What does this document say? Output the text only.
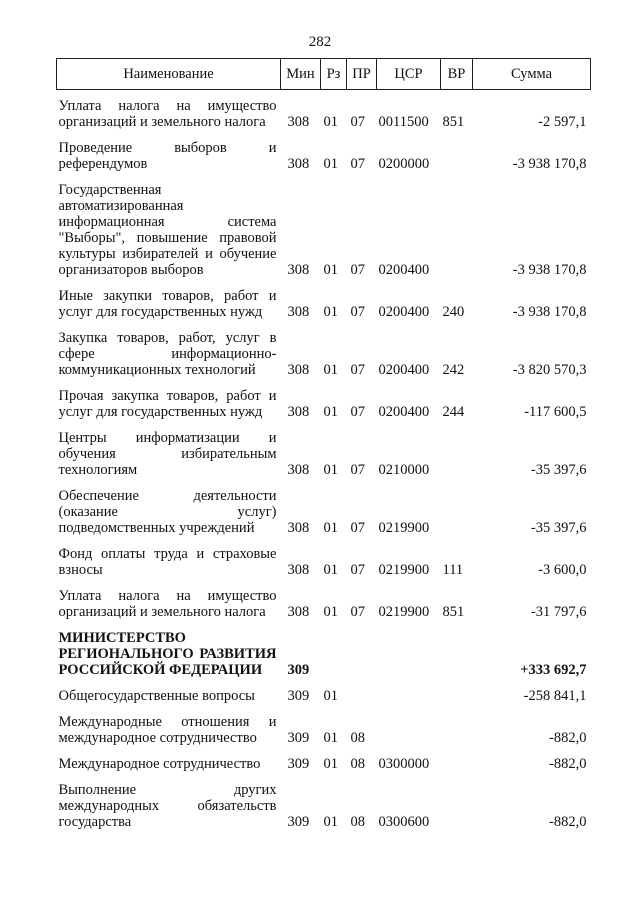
282
Наименование	Мин	Рз	ПР	ЦСР	ВР	Сумма
Уплата налога на имущество организаций и земельного налога	308	01	07	0011500	851	-2 597,1
Проведение выборов и референдумов	308	01	07	0200000		-3 938 170,8
Государственная автоматизированная информационная система "Выборы", повышение правовой культуры избирателей и обучение организаторов выборов	308	01	07	0200400		-3 938 170,8
Иные закупки товаров, работ и услуг для государственных нужд	308	01	07	0200400	240	-3 938 170,8
Закупка товаров, работ, услуг в сфере информационно-коммуникационных технологий	308	01	07	0200400	242	-3 820 570,3
Прочая закупка товаров, работ и услуг для государственных нужд	308	01	07	0200400	244	-117 600,5
Центры информатизации и обучения избирательным технологиям	308	01	07	0210000		-35 397,6
Обеспечение деятельности (оказание услуг) подведомственных учреждений	308	01	07	0219900		-35 397,6
Фонд оплаты труда и страховые взносы	308	01	07	0219900	111	-3 600,0
Уплата налога на имущество организаций и земельного налога	308	01	07	0219900	851	-31 797,6
МИНИСТЕРСТВО РЕГИОНАЛЬНОГО РАЗВИТИЯ РОССИЙСКОЙ ФЕДЕРАЦИИ	309					+333 692,7
Общегосударственные вопросы	309	01				-258 841,1
Международные отношения и международное сотрудничество	309	01	08			-882,0
Международное сотрудничество	309	01	08	0300000		-882,0
Выполнение других международных обязательств государства	309	01	08	0300600		-882,0
